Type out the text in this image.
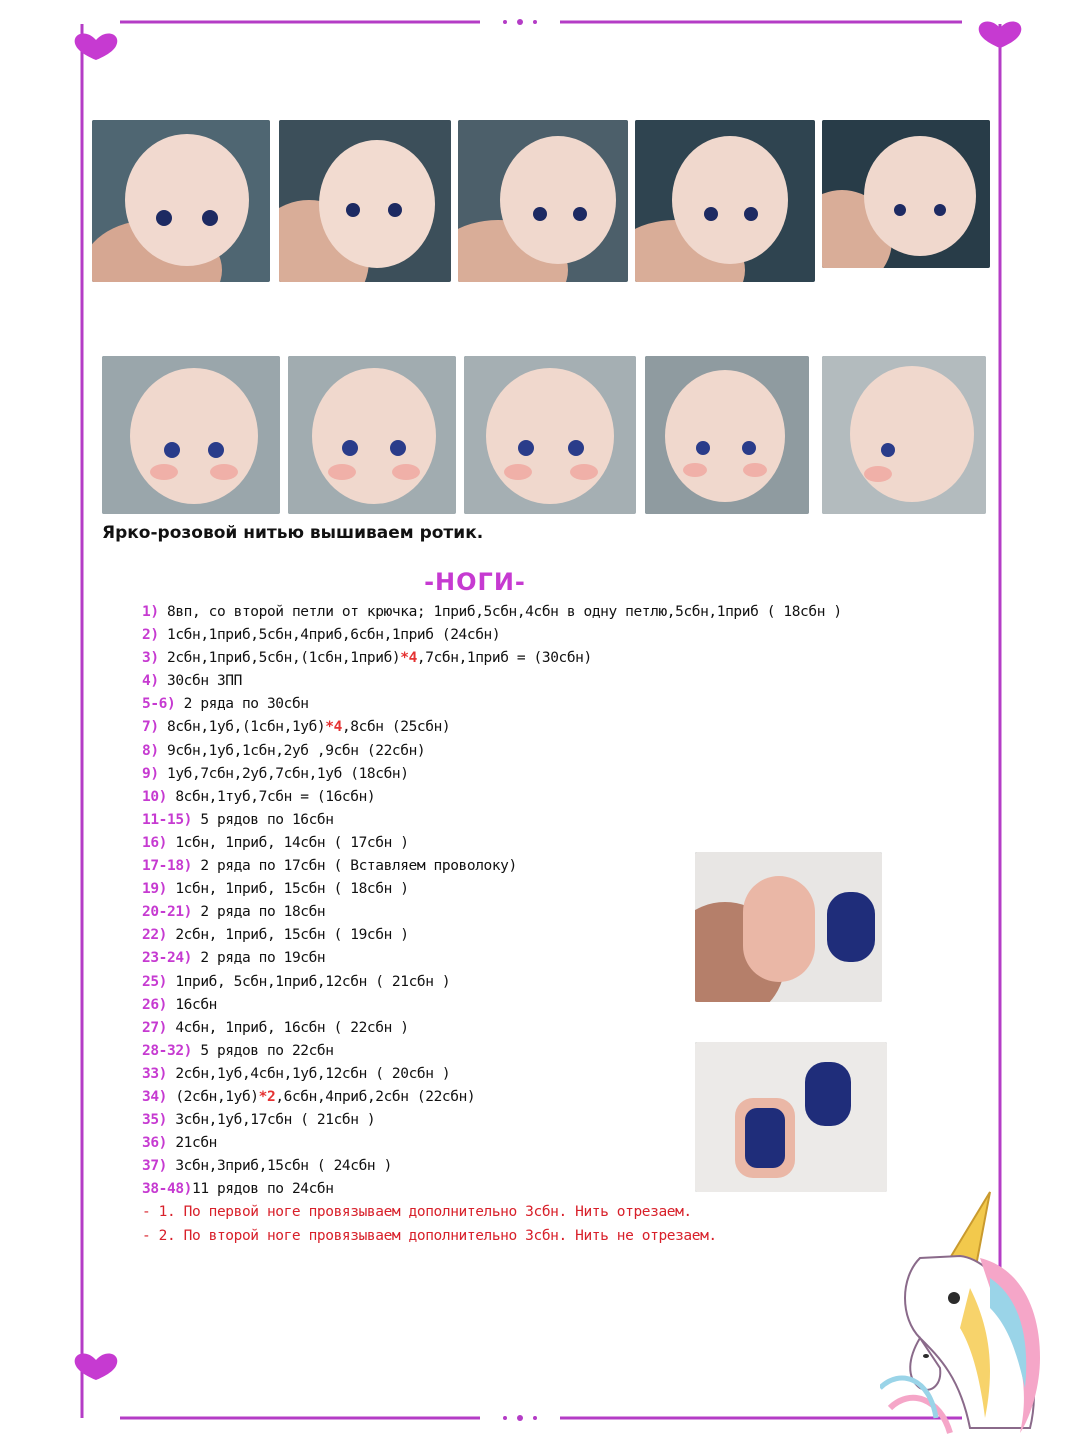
Ярко-розовой нитью вышиваем ротик.
-НОГИ-
1) 8вп, со второй петли от крючка; 1приб,5сбн,4сбн в одну петлю,5сбн,1приб ( 18сбн )
2) 1сбн,1приб,5сбн,4приб,6сбн,1приб (24сбн)
3) 2сбн,1приб,5сбн,(1сбн,1приб)*4,7сбн,1приб = (30сбн)
4) 30сбн ЗПП
5-6) 2 ряда по 30сбн
7) 8сбн,1уб,(1сбн,1уб)*4,8сбн (25сбн)
8) 9сбн,1уб,1сбн,2уб ,9сбн (22сбн)
9) 1уб,7сбн,2уб,7сбн,1уб (18сбн)
10) 8сбн,1туб,7сбн = (16сбн)
11-15) 5 рядов по 16сбн
16) 1сбн, 1приб, 14сбн ( 17сбн )
17-18) 2 ряда по 17сбн ( Вставляем проволоку)
19) 1сбн, 1приб, 15сбн ( 18сбн )
20-21) 2 ряда по 18сбн
22) 2сбн, 1приб, 15сбн ( 19сбн )
23-24) 2 ряда по 19сбн
25) 1приб, 5сбн,1приб,12сбн ( 21сбн )
26) 16сбн
27) 4сбн, 1приб, 16сбн ( 22сбн )
28-32) 5 рядов по 22сбн
33) 2сбн,1уб,4сбн,1уб,12сбн ( 20сбн )
34) (2сбн,1уб)*2,6сбн,4приб,2сбн (22сбн)
35) 3сбн,1уб,17сбн ( 21сбн )
36) 21сбн
37) 3сбн,3приб,15сбн ( 24сбн )
38-48)11 рядов по 24сбн
- 1. По первой ноге провязываем дополнительно 3сбн. Нить отрезаем.
- 2. По второй ноге провязываем дополнительно 3сбн. Нить не отрезаем.
